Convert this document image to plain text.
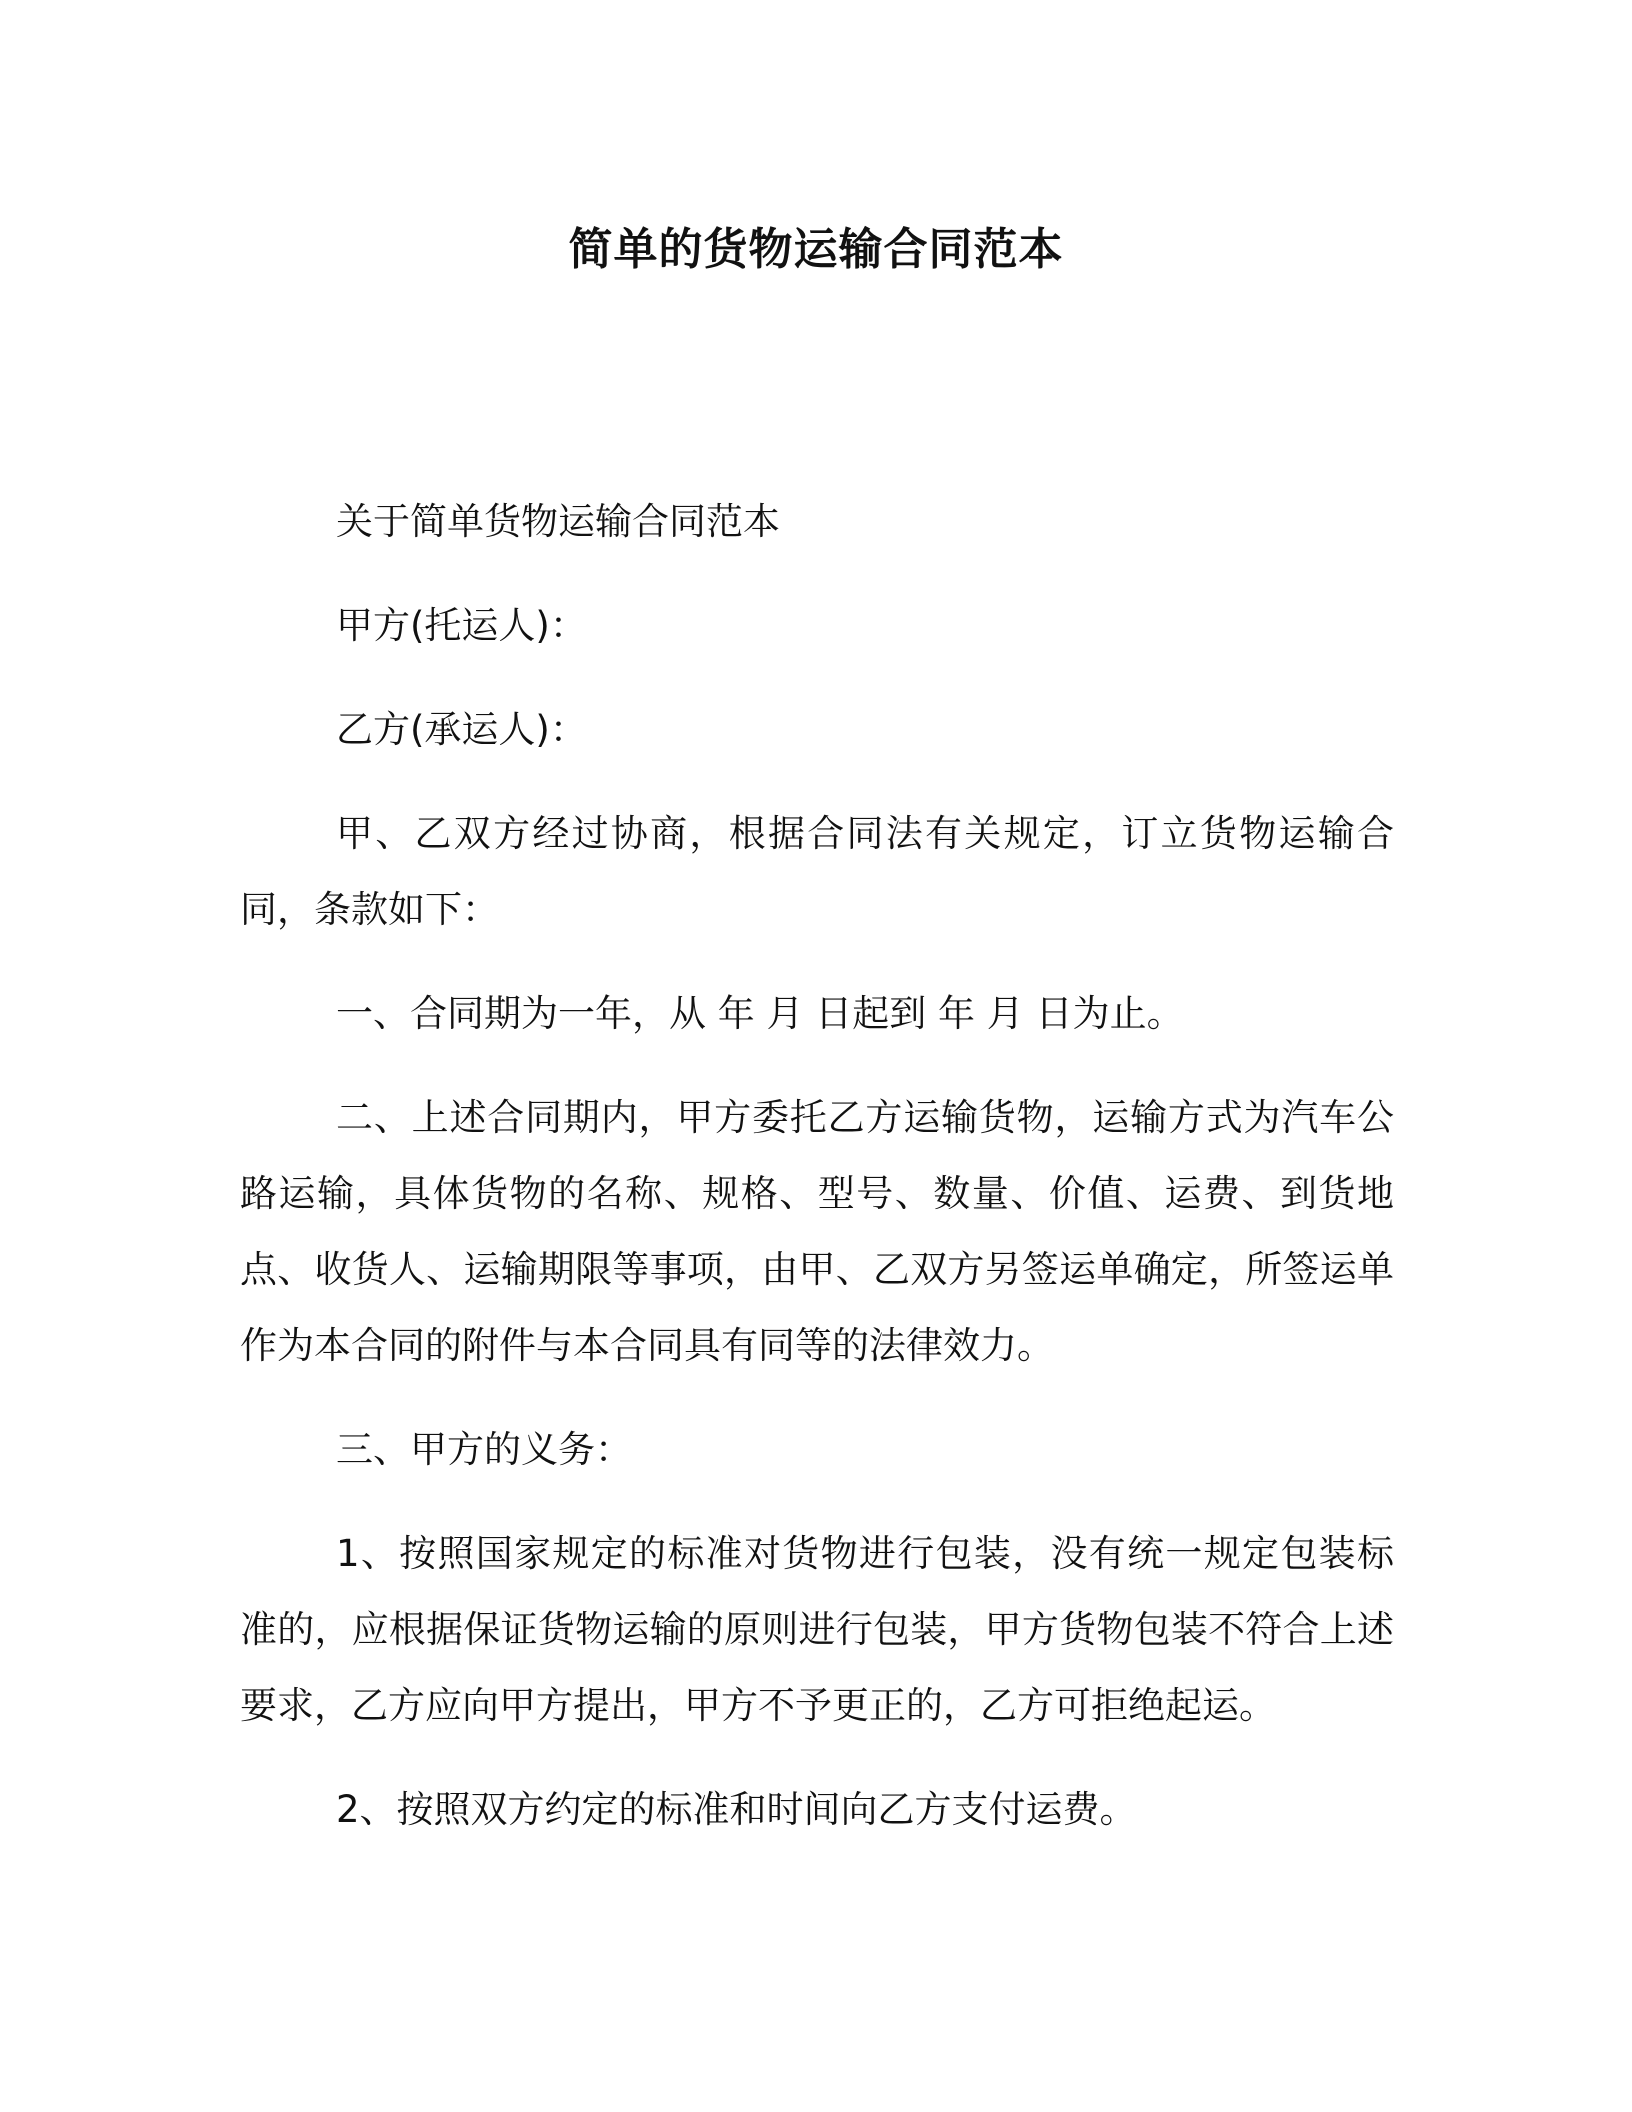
简单的货物运输合同范本

关于简单货物运输合同范本

甲方(托运人)：

乙方(承运人)：

甲、乙双方经过协商，根据合同法有关规定，订立货物运输合同，条款如下：

一、合同期为一年，从 年 月 日起到 年 月 日为止。

二、上述合同期内，甲方委托乙方运输货物，运输方式为汽车公路运输，具体货物的名称、规格、型号、数量、价值、运费、到货地点、收货人、运输期限等事项，由甲、乙双方另签运单确定，所签运单作为本合同的附件与本合同具有同等的法律效力。

三、甲方的义务：

1、按照国家规定的标准对货物进行包装，没有统一规定包装标准的，应根据保证货物运输的原则进行包装，甲方货物包装不符合上述要求，乙方应向甲方提出，甲方不予更正的，乙方可拒绝起运。

2、按照双方约定的标准和时间向乙方支付运费。
